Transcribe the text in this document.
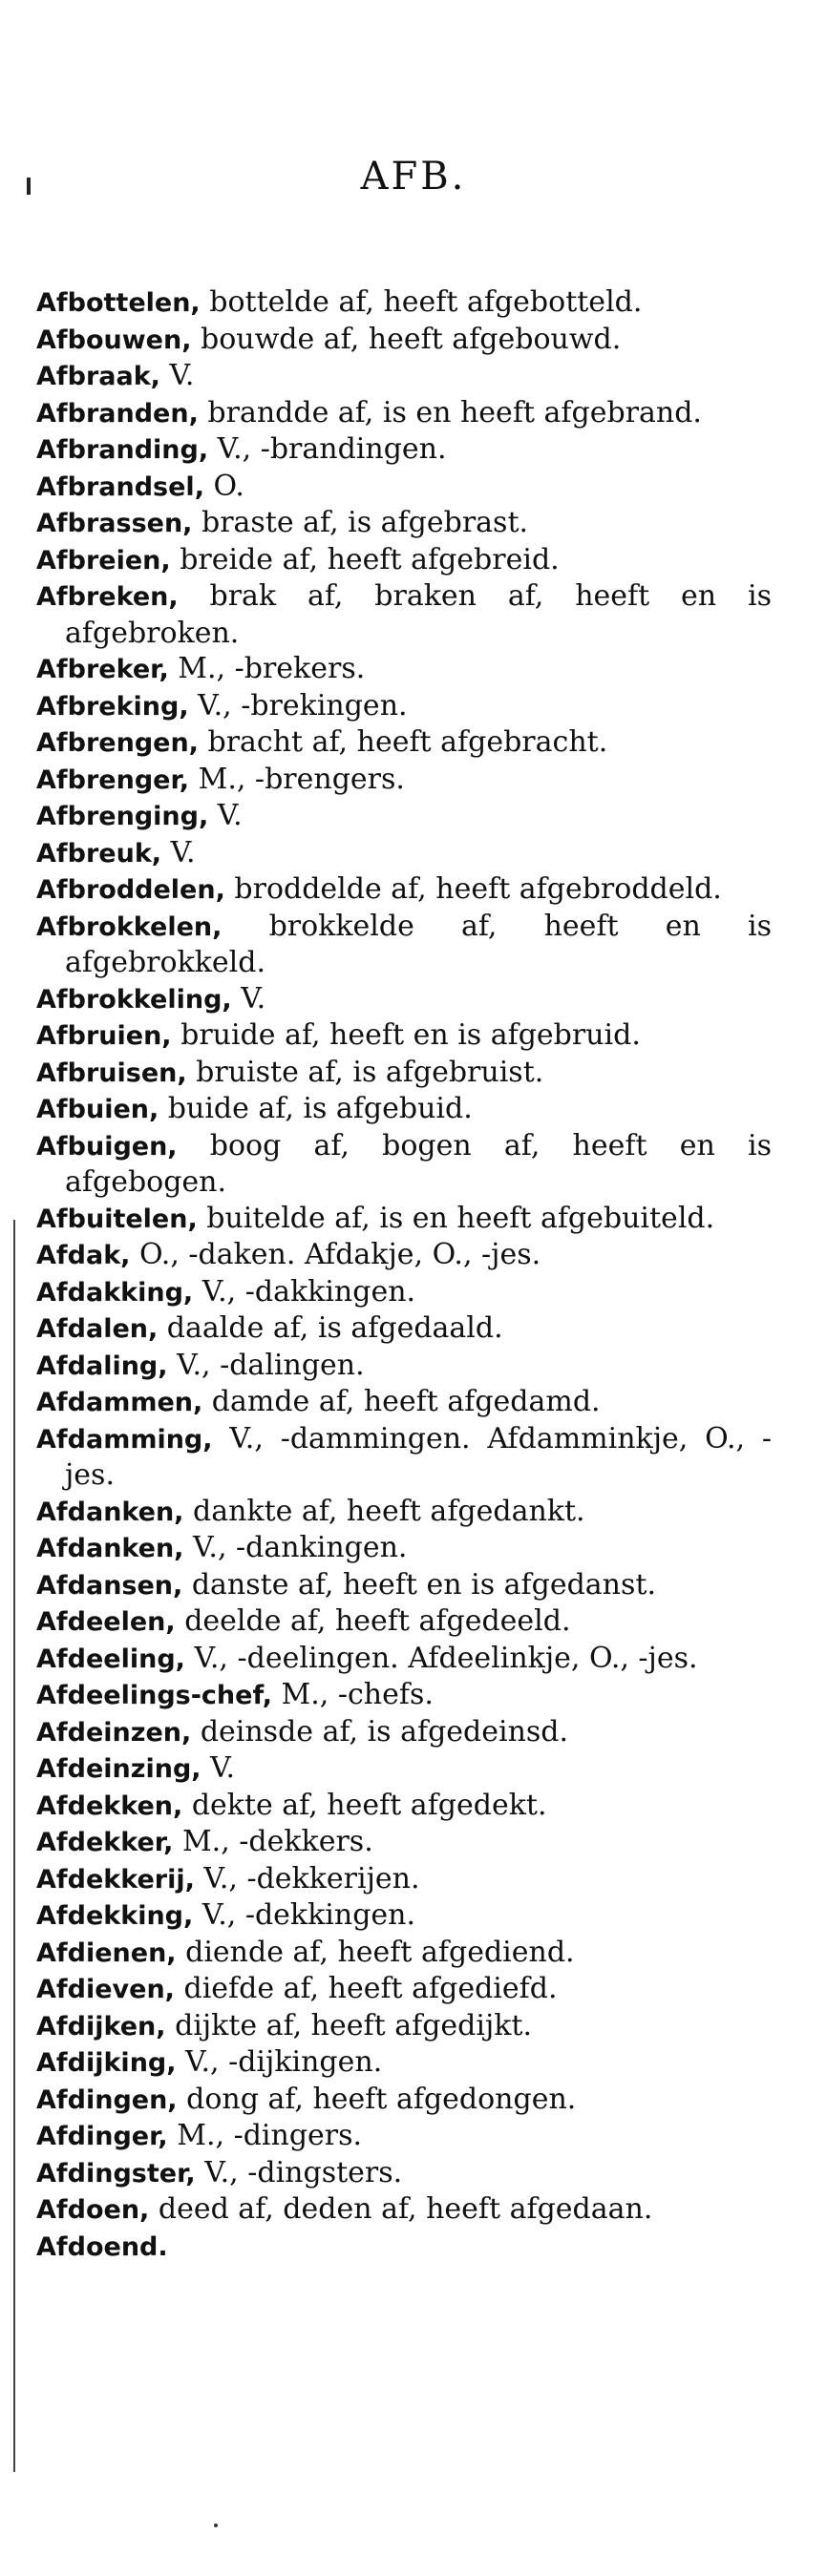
AFB.
Afbottelen, bottelde af, heeft afgebotteld.
Afbouwen, bouwde af, heeft afgebouwd.
Afbraak, V.
Afbranden, brandde af, is en heeft afgebrand.
Afbranding, V., -brandingen.
Afbrandsel, O.
Afbrassen, braste af, is afgebrast.
Afbreien, breide af, heeft afgebreid.
Afbreken, brak af, braken af, heeft en is afgebroken.
Afbreker, M., -brekers.
Afbreking, V., -brekingen.
Afbrengen, bracht af, heeft afgebracht.
Afbrenger, M., -brengers.
Afbrenging, V.
Afbreuk, V.
Afbroddelen, broddelde af, heeft afgebroddeld.
Afbrokkelen, brokkelde af, heeft en is afgebrokkeld.
Afbrokkeling, V.
Afbruien, bruide af, heeft en is afgebruid.
Afbruisen, bruiste af, is afgebruist.
Afbuien, buide af, is afgebuid.
Afbuigen, boog af, bogen af, heeft en is afgebogen.
Afbuitelen, buitelde af, is en heeft afgebuiteld.
Afdak, O., -daken. Afdakje, O., -jes.
Afdakking, V., -dakkingen.
Afdalen, daalde af, is afgedaald.
Afdaling, V., -dalingen.
Afdammen, damde af, heeft afgedamd.
Afdamming, V., -dammingen. Afdamminkje, O., -jes.
Afdanken, dankte af, heeft afgedankt.
Afdanken, V., -dankingen.
Afdansen, danste af, heeft en is afgedanst.
Afdeelen, deelde af, heeft afgedeeld.
Afdeeling, V., -deelingen. Afdeelinkje, O., -jes.
Afdeelings-chef, M., -chefs.
Afdeinzen, deinsde af, is afgedeinsd.
Afdeinzing, V.
Afdekken, dekte af, heeft afgedekt.
Afdekker, M., -dekkers.
Afdekkerij, V., -dekkerijen.
Afdekking, V., -dekkingen.
Afdienen, diende af, heeft afgediend.
Afdieven, diefde af, heeft afgediefd.
Afdijken, dijkte af, heeft afgedijkt.
Afdijking, V., -dijkingen.
Afdingen, dong af, heeft afgedongen.
Afdinger, M., -dingers.
Afdingster, V., -dingsters.
Afdoen, deed af, deden af, heeft afgedaan.
Afdoend.
